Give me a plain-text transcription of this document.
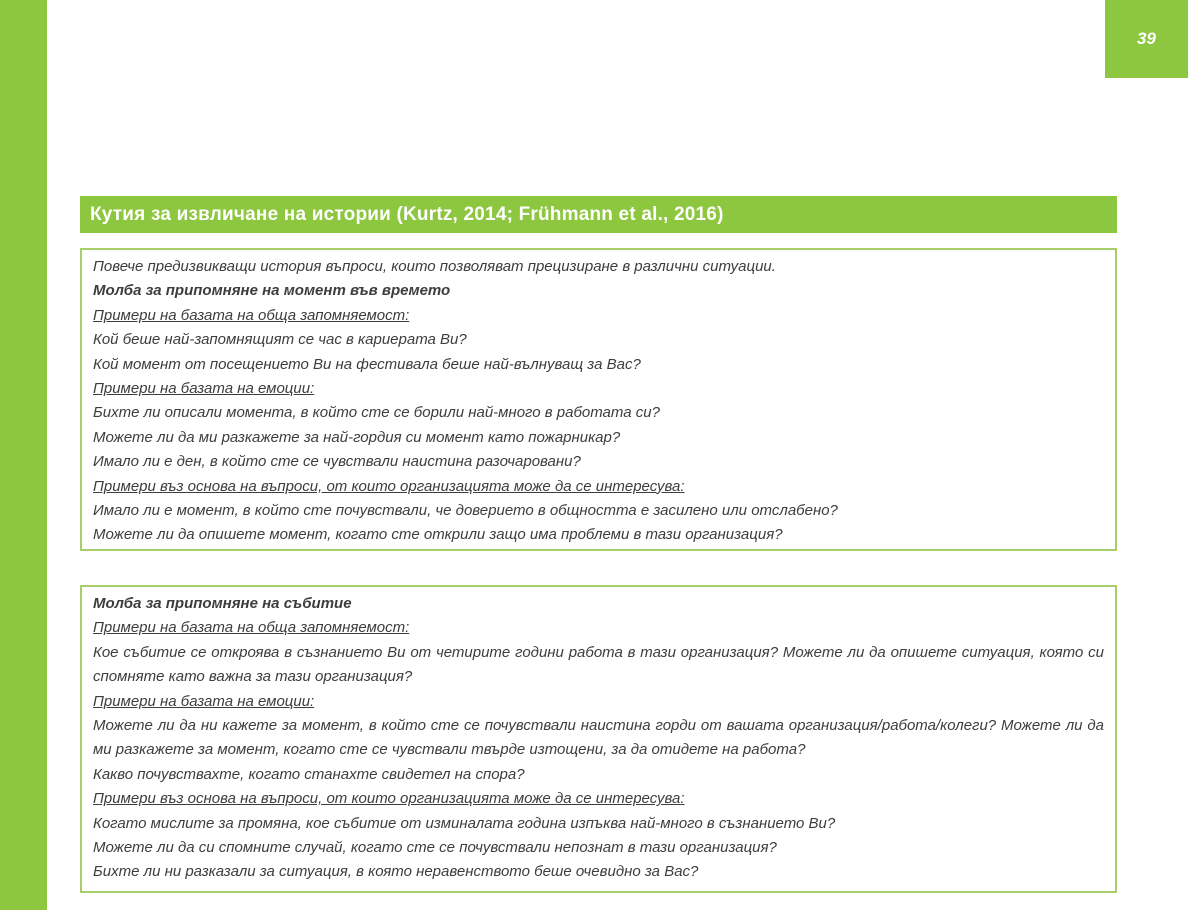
39
Кутия за извличане на истории (Kurtz, 2014; Frühmann et al., 2016)
Повече предизвикващи история въпроси, които позволяват прецизиране в различни ситуации.
Молба за припомняне на момент във времето
Примери на базата на обща запомняемост:
Кой беше най-запомнящият се час в кариерата Ви?
Кой момент от посещението Ви на фестивала беше най-вълнуващ за Вас?
Примери на базата на емоции:
Бихте ли описали момента, в който сте се борили най-много в работата си?
Можете ли да ми разкажете за най-гордия си момент като пожарникар?
Имало ли е ден, в който сте се чувствали наистина разочаровани?
Примери въз основа на въпроси, от които организацията може да се интересува:
Имало ли е момент, в който сте почувствали, че доверието в общността е засилено или отслабено?
Можете ли да опишете момент, когато сте открили защо има проблеми в тази организация?
Молба за припомняне на събитие
Примери на базата на обща запомняемост:
Кое събитие се откроява в съзнанието Ви от четирите години работа в тази организация? Можете ли да опишете ситуация, която си спомняте като важна за тази организация?
Примери на базата на емоции:
Можете ли да ни кажете за момент, в който сте се почувствали наистина горди от вашата организация/работа/колеги? Можете ли да ми разкажете за момент, когато сте се чувствали твърде изтощени, за да отидете на работа?
Какво почувствахте, когато станахте свидетел на спора?
Примери въз основа на въпроси, от които организацията може да се интересува:
Когато мислите за промяна, кое събитие от изминалата година изпъква най-много в съзнанието Ви?
Можете ли да си спомните случай, когато сте се почувствали непознат в тази организация?
Бихте ли ни разказали за ситуация, в която неравенството беше очевидно за Вас?
